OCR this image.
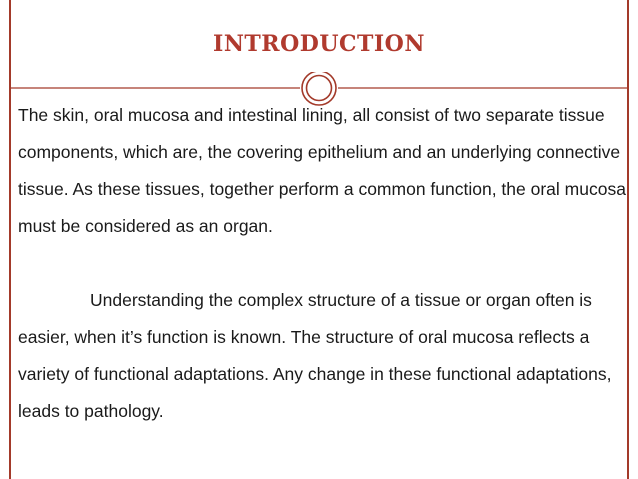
INTRODUCTION

The skin, oral mucosa and intestinal lining, all consist of two separate tissue components, which are, the covering epithelium and an underlying connective tissue. As these tissues, together perform a common function, the oral mucosa must be considered as an organ.

Understanding the complex structure of a tissue or organ often is easier, when it’s function is known. The structure of oral mucosa reflects a variety of functional adaptations. Any change in these functional adaptations, leads to pathology.
